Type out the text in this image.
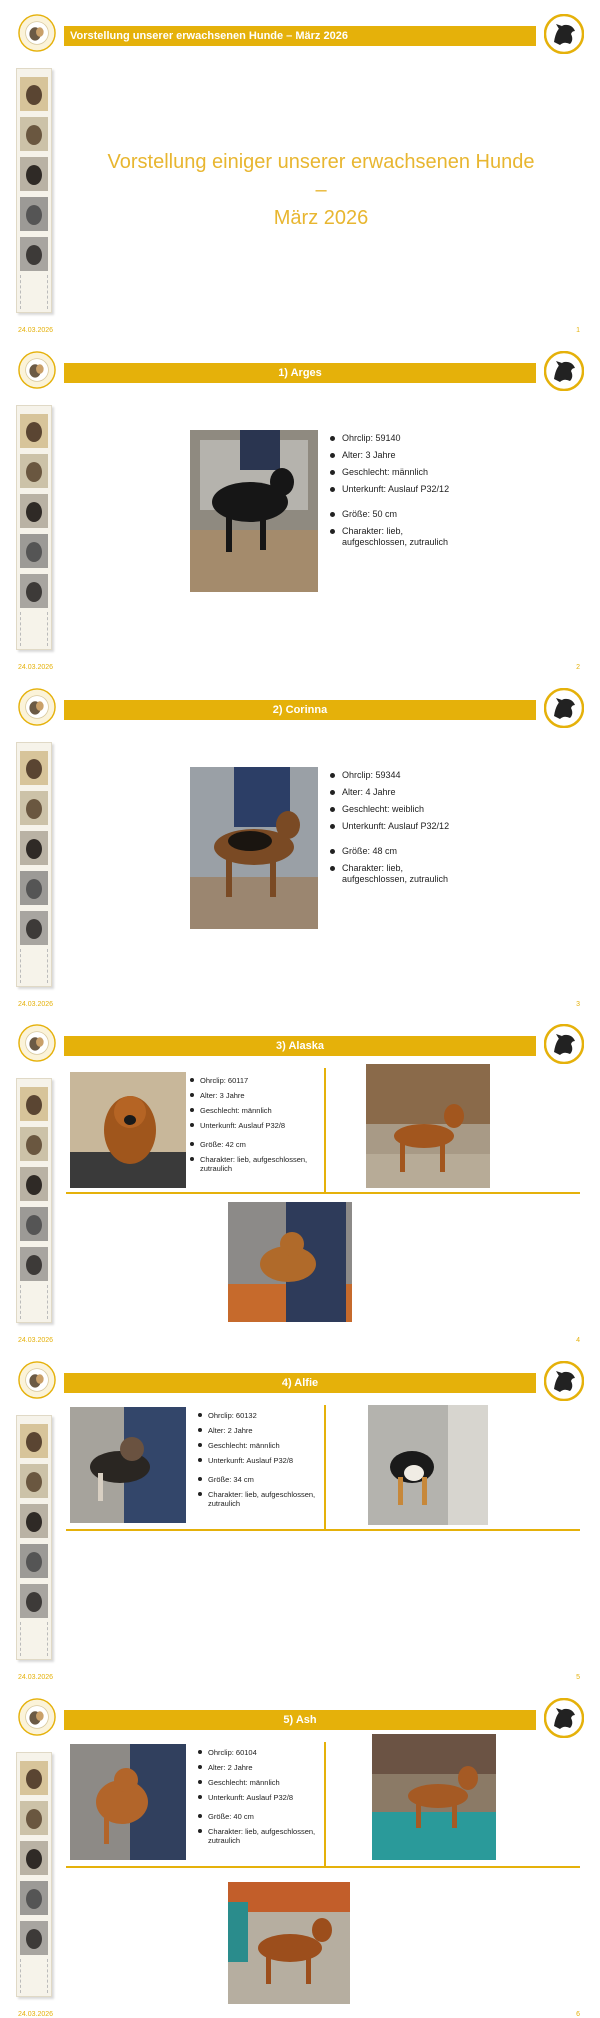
Vorstellung unserer erwachsenen Hunde – März 2026
Vorstellung einiger unserer erwachsenen Hunde
–
März 2026
24.03.2026	1
1) Arges
Ohrclip: 59140
Alter: 3 Jahre
Geschlecht: männlich
Unterkunft: Auslauf P32/12
Größe: 50 cm
Charakter: lieb, aufgeschlossen, zutraulich
24.03.2026	2
2) Corinna
Ohrclip: 59344
Alter: 4 Jahre
Geschlecht: weiblich
Unterkunft: Auslauf P32/12
Größe: 48 cm
Charakter: lieb, aufgeschlossen, zutraulich
24.03.2026	3
3) Alaska
Ohrclip: 60117
Alter: 3 Jahre
Geschlecht: männlich
Unterkunft: Auslauf P32/8
Größe: 42 cm
Charakter: lieb, aufgeschlossen, zutraulich
24.03.2026	4
4) Alfie
Ohrclip: 60132
Alter: 2 Jahre
Geschlecht: männlich
Unterkunft: Auslauf P32/8
Größe: 34 cm
Charakter: lieb, aufgeschlossen, zutraulich
24.03.2026	5
5) Ash
Ohrclip: 60104
Alter: 2 Jahre
Geschlecht: männlich
Unterkunft: Auslauf P32/8
Größe: 40 cm
Charakter: lieb, aufgeschlossen, zutraulich
24.03.2026	6
